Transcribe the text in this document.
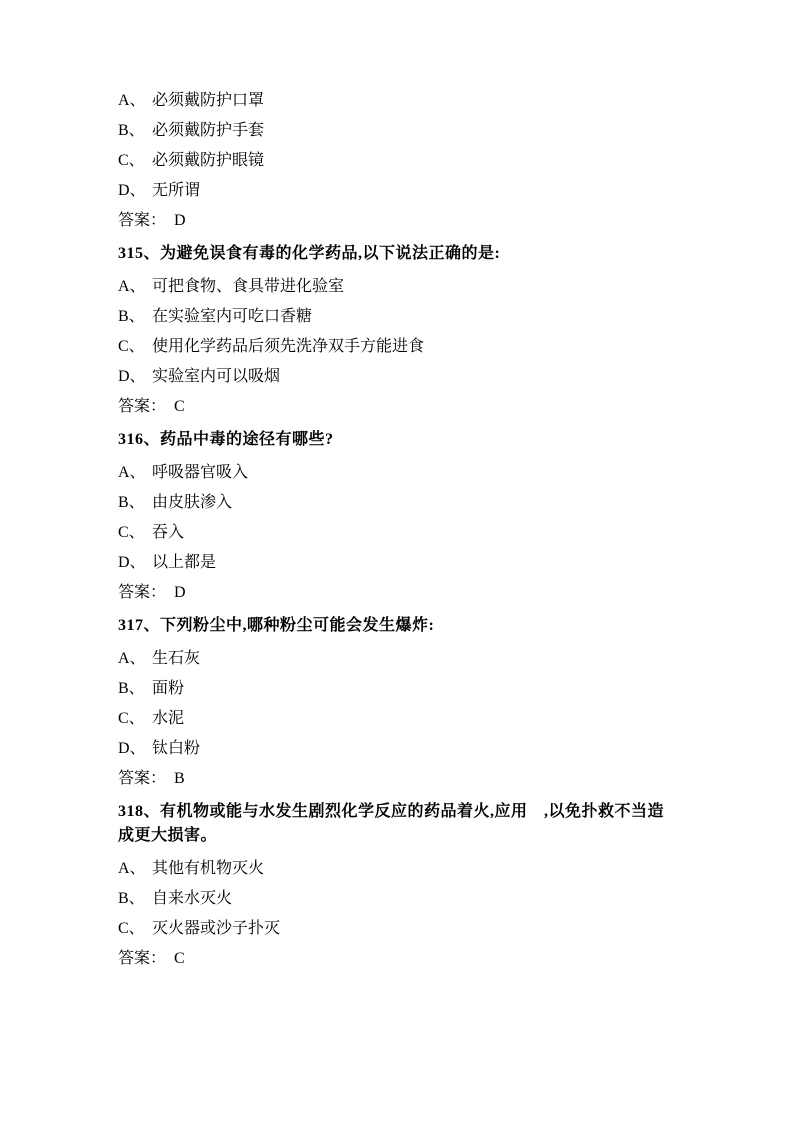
A、 必须戴防护口罩
B、 必须戴防护手套
C、 必须戴防护眼镜
D、 无所谓
答案： D
315、为避免误食有毒的化学药品,以下说法正确的是:
A、 可把食物、食具带进化验室
B、 在实验室内可吃口香糖
C、 使用化学药品后须先洗净双手方能进食
D、 实验室内可以吸烟
答案： C
316、药品中毒的途径有哪些?
A、 呼吸器官吸入
B、 由皮肤渗入
C、 吞入
D、 以上都是
答案： D
317、下列粉尘中,哪种粉尘可能会发生爆炸:
A、 生石灰
B、 面粉
C、 水泥
D、 钛白粉
答案： B
318、有机物或能与水发生剧烈化学反应的药品着火,应用　,以免扑救不当造成更大损害。
A、 其他有机物灭火
B、 自来水灭火
C、 灭火器或沙子扑灭
答案： C
